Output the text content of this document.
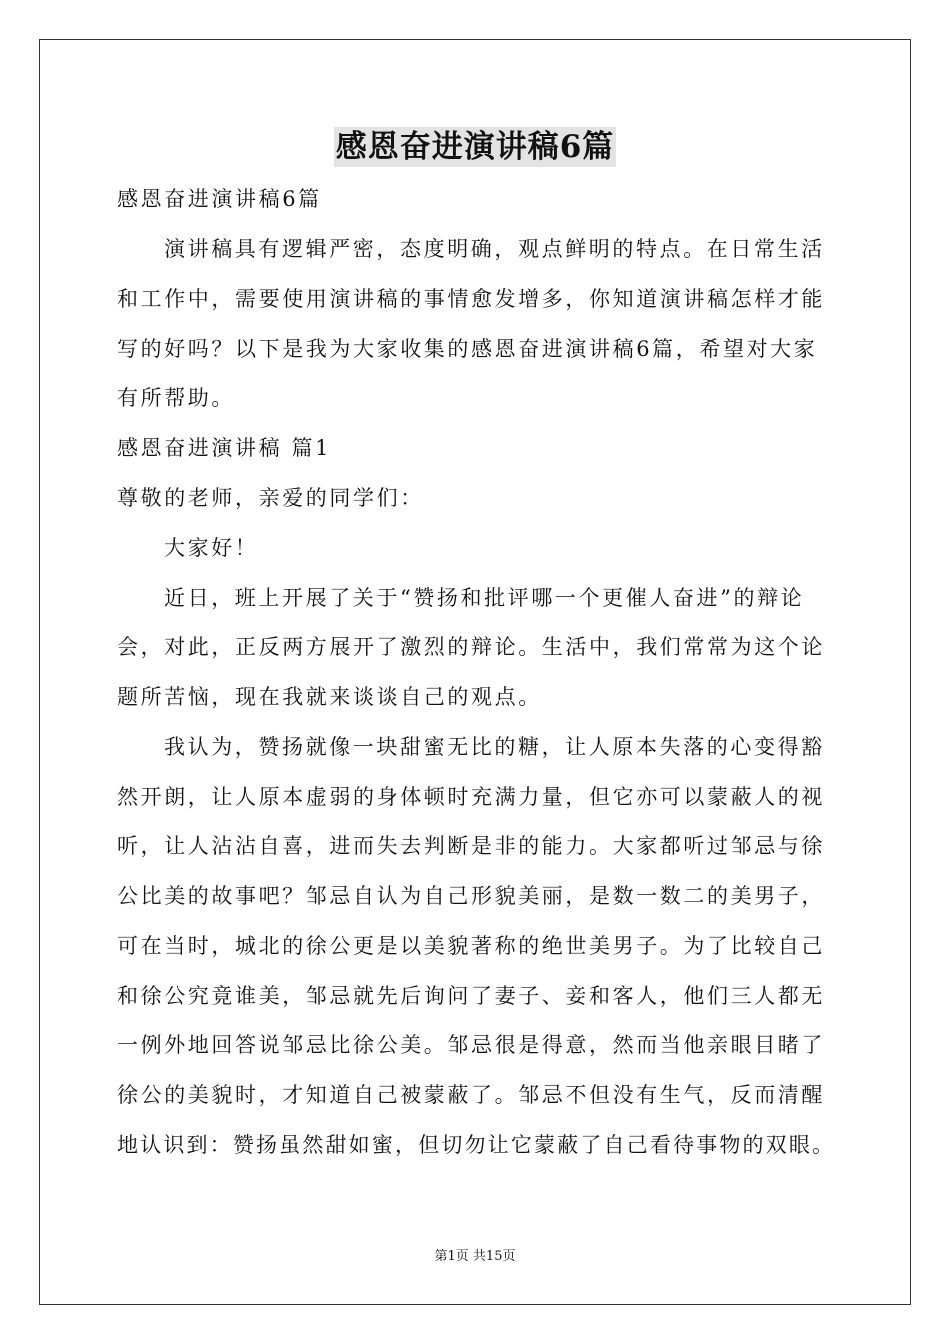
感恩奋进演讲稿6篇
感恩奋进演讲稿6篇
演讲稿具有逻辑严密，态度明确，观点鲜明的特点。在日常生活
和工作中，需要使用演讲稿的事情愈发增多，你知道演讲稿怎样才能
写的好吗？以下是我为大家收集的感恩奋进演讲稿6篇，希望对大家
有所帮助。
感恩奋进演讲稿 篇1
尊敬的老师，亲爱的同学们：
大家好！
近日，班上开展了关于“赞扬和批评哪一个更催人奋进”的辩论
会，对此，正反两方展开了激烈的辩论。生活中，我们常常为这个论
题所苦恼，现在我就来谈谈自己的观点。
我认为，赞扬就像一块甜蜜无比的糖，让人原本失落的心变得豁
然开朗，让人原本虚弱的身体顿时充满力量，但它亦可以蒙蔽人的视
听，让人沾沾自喜，进而失去判断是非的能力。大家都听过邹忌与徐
公比美的故事吧？邹忌自认为自己形貌美丽，是数一数二的美男子，
可在当时，城北的徐公更是以美貌著称的绝世美男子。为了比较自己
和徐公究竟谁美，邹忌就先后询问了妻子、妾和客人，他们三人都无
一例外地回答说邹忌比徐公美。邹忌很是得意，然而当他亲眼目睹了
徐公的美貌时，才知道自己被蒙蔽了。邹忌不但没有生气，反而清醒
地认识到：赞扬虽然甜如蜜，但切勿让它蒙蔽了自己看待事物的双眼。
第1页 共15页
